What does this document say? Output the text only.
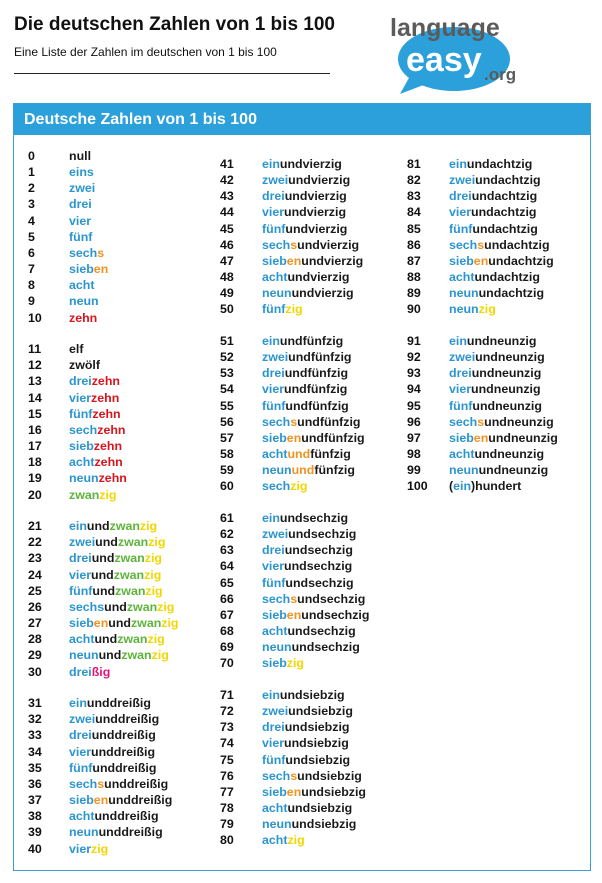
Die deutschen Zahlen von 1 bis 100
Eine Liste der Zahlen im deutschen von 1 bis 100
language
easy .org
Deutsche Zahlen von 1 bis 100
0	null
1	eins
2	zwei
3	drei
4	vier
5	fünf
6	sechs
7	sieben
8	acht
9	neun
10 zehn
11 elf
12 zwölf
13 dreizehn
14 vierzehn
15 fünfzehn
16 sechzehn
17 siebzehn
18 achtzehn
19 neunzehn
20 zwanzig
21 einundzwanzig
22 zweiundzwanzig
23 dreiundzwanzig
24 vierundzwanzig
25 fünfundzwanzig
26 sechsundzwanzig
27 siebenundzwanzig
28 achtundzwanzig
29 neunundzwanzig
30 dreißig
31 einunddreißig
32 zweiunddreißig
33 dreiunddreißig
34 vierunddreißig
35 fünfunddreißig
36 sechsunddreißig
37 siebenunddreißig
38 achtunddreißig
39 neununddreißig
40 vierzig
41 einundvierzig
42 zweiundvierzig
43 dreiundvierzig
44 vierundvierzig
45 fünfundvierzig
46 sechsundvierzig
47 siebenundvierzig
48 achtundvierzig
49 neunundvierzig
50 fünfzig
51 einundfünfzig
52 zweiundfünfzig
53 dreiundfünfzig
54 vierundfünfzig
55 fünfundfünfzig
56 sechsundfünfzig
57 siebenundfünfzig
58 achtundfünfzig
59 neunundfünfzig
60 sechzig
61 einundsechzig
62 zweiundsechzig
63 dreiundsechzig
64 vierundsechzig
65 fünfundsechzig
66 sechsundsechzig
67 siebenundsechzig
68 achtundsechzig
69 neunundsechzig
70 siebzig
71 einundsiebzig
72 zweiundsiebzig
73 dreiundsiebzig
74 vierundsiebzig
75 fünfundsiebzig
76 sechsundsiebzig
77 siebenundsiebzig
78 achtundsiebzig
79 neunundsiebzig
80 achtzig
81 einundachtzig
82 zweiundachtzig
83 dreiundachtzig
84 vierundachtzig
85 fünfundachtzig
86 sechsundachtzig
87 siebenundachtzig
88 achtundachtzig
89 neunundachtzig
90 neunzig
91 einundneunzig
92 zweiundneunzig
93 dreiundneunzig
94 vierundneunzig
95 fünfundneunzig
96 sechsundneunzig
97 siebenundneunzig
98 achtundneunzig
99 neunundneunzig
100 (ein)hundert
